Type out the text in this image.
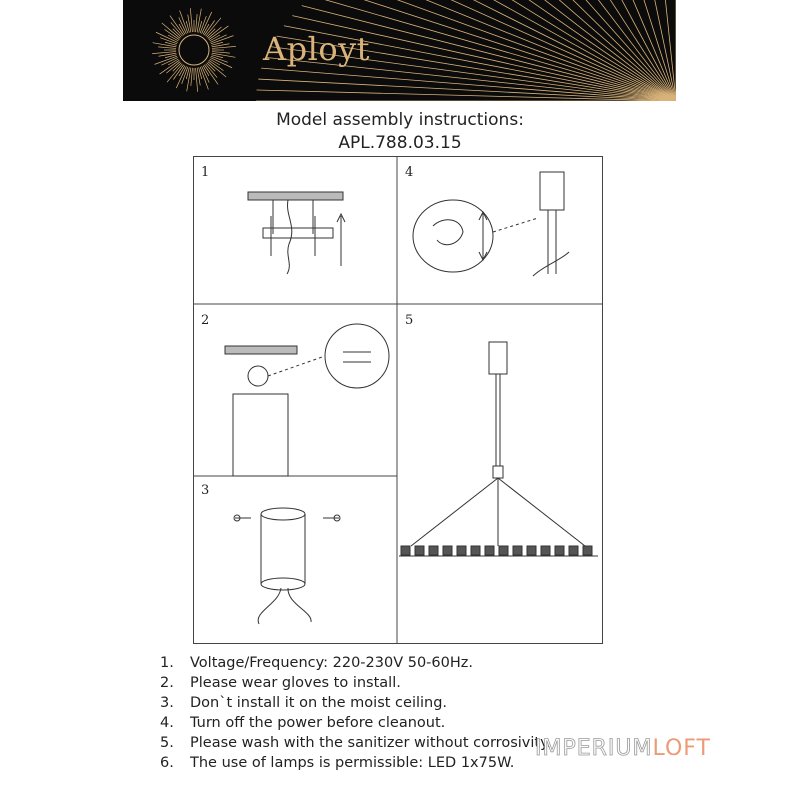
Aployt
Model assembly instructions:
APL.788.03.15
1
2
3
4
5
1.	Voltage/Frequency: 220-230V 50-60Hz.
2.	Please wear gloves to install.
3.	Don`t install it on the moist ceiling.
4.	Turn off the power before cleanout.
5.	Please wash with the sanitizer without corrosivity.
6.	The use of lamps is permissible: LED 1x75W.
IMPERIUMLOFT
